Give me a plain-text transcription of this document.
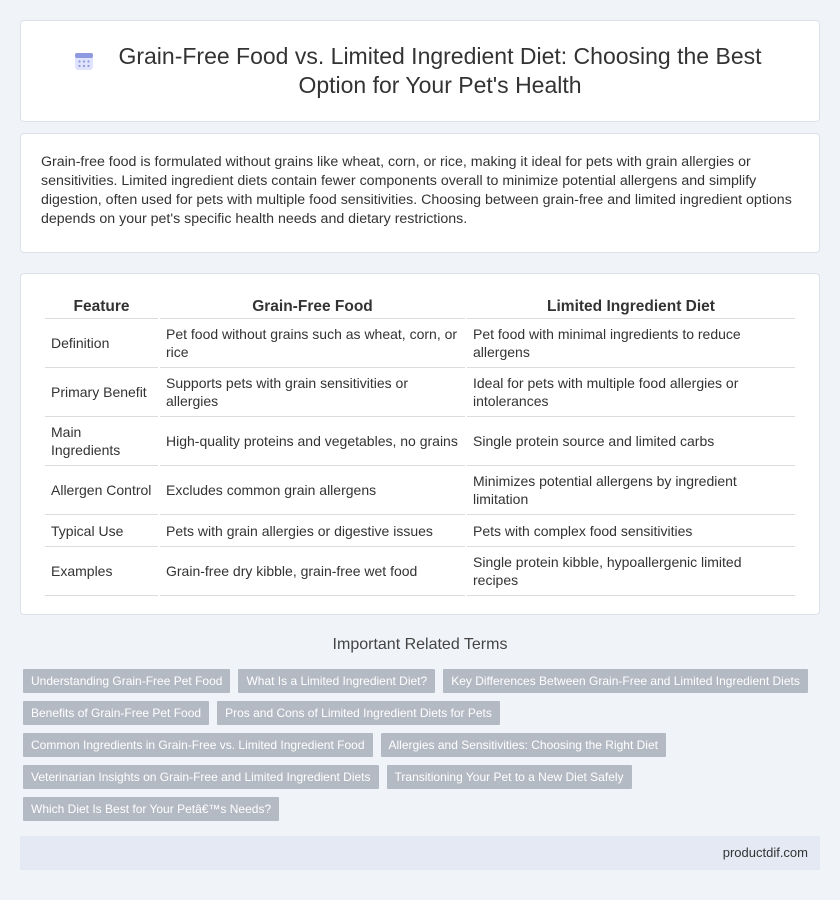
Grain-Free Food vs. Limited Ingredient Diet: Choosing the Best Option for Your Pet's Health

Grain-free food is formulated without grains like wheat, corn, or rice, making it ideal for pets with grain allergies or sensitivities. Limited ingredient diets contain fewer components overall to minimize potential allergens and simplify digestion, often used for pets with multiple food sensitivities. Choosing between grain-free and limited ingredient options depends on your pet's specific health needs and dietary restrictions.

Feature	Grain-Free Food	Limited Ingredient Diet
Definition	Pet food without grains such as wheat, corn, or rice	Pet food with minimal ingredients to reduce allergens
Primary Benefit	Supports pets with grain sensitivities or allergies	Ideal for pets with multiple food allergies or intolerances
Main Ingredients	High-quality proteins and vegetables, no grains	Single protein source and limited carbs
Allergen Control	Excludes common grain allergens	Minimizes potential allergens by ingredient limitation
Typical Use	Pets with grain allergies or digestive issues	Pets with complex food sensitivities
Examples	Grain-free dry kibble, grain-free wet food	Single protein kibble, hypoallergenic limited recipes
Important Related Terms
Understanding Grain-Free Pet Food	What Is a Limited Ingredient Diet?	Key Differences Between Grain-Free and Limited Ingredient Diets
Benefits of Grain-Free Pet Food	Pros and Cons of Limited Ingredient Diets for Pets
Common Ingredients in Grain-Free vs. Limited Ingredient Food	Allergies and Sensitivities: Choosing the Right Diet
Veterinarian Insights on Grain-Free and Limited Ingredient Diets	Transitioning Your Pet to a New Diet Safely
Which Diet Is Best for Your Petâ€™s Needs?
productdif.com
